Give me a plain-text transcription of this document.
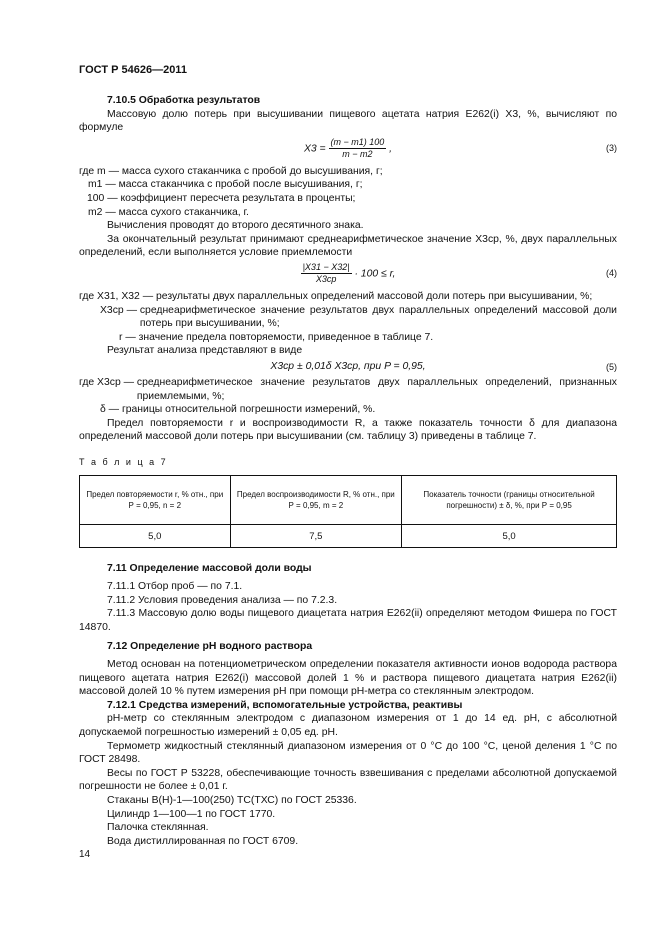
ГОСТ Р 54626—2011

7.10.5 Обработка результатов

Массовую долю потерь при высушивании пищевого ацетата натрия Е262(i) X3, %, вычисляют по формуле

$X3 = \frac{(m - m1) 100}{m - m2}$ ,	(3)
где m —
масса сухого стаканчика с пробой до высушивания, г;
m1 —
масса стаканчика с пробой после высушивания, г;
100 —
коэффициент пересчета результата в проценты;
m2 —
масса сухого стаканчика, г.

Вычисления проводят до второго десятичного знака.

За окончательный результат принимают среднеарифметическое значение X3ср, %, двух параллельных определений, если выполняется условие приемлемости

$\frac{|X31 - X32|}{X3ср} \cdot 100 \le r$,	(4)
где X31, X32 —
результаты двух параллельных определений массовой доли потерь при высушивании, %;
X3ср —
среднеарифметическое значение результатов двух параллельных определений массовой доли потерь при высушивании, %;
r —
значение предела повторяемости, приведенное в таблице 7.

Результат анализа представляют в виде

X3ср ± 0,01δ X3ср, при P = 0,95,	(5)
где X3ср —
среднеарифметическое значение результатов двух параллельных определений, признанных приемлемыми, %;
δ —
границы относительной погрешности измерений, %.

Предел повторяемости r и воспроизводимости R, а также показатель точности δ для диапазона определений массовой доли потерь при высушивании (см. таблицу 3) приведены в таблице 7.

Т а б л и ц а 7
Предел повторяемости r, % отн., при Р = 0,95, n = 2	Предел воспроизводимости R, % отн., при Р = 0,95, m = 2	Показатель точности (границы относительной погрешности) ± δ, %, при Р = 0,95
5,0	7,5	5,0

7.11 Определение массовой доли воды

7.11.1 Отбор проб — по 7.1.

7.11.2 Условия проведения анализа — по 7.2.3.

7.11.3 Массовую долю воды пищевого диацетата натрия Е262(ii) определяют методом Фишера по ГОСТ 14870.

7.12 Определение рН водного раствора

Метод основан на потенциометрическом определении показателя активности ионов водорода раствора пищевого ацетата натрия Е262(i) массовой долей 1 % и раствора пищевого диацетата натрия Е262(ii) массовой долей 10 % путем измерения рН при помощи рН-метра со стеклянным электродом.

7.12.1 Средства измерений, вспомогательные устройства, реактивы

рН-метр со стеклянным электродом с диапазоном измерения от 1 до 14 ед. рН, с абсолютной допускаемой погрешностью измерений ± 0,05 ед. рН.

Термометр жидкостный стеклянный диапазоном измерения от 0 °С до 100 °С, ценой деления 1 °С по ГОСТ 28498.

Весы по ГОСТ Р 53228, обеспечивающие точность взвешивания с пределами абсолютной допускаемой погрешности не более ± 0,01 г.

Стаканы В(Н)-1—100(250) ТС(ТХС) по ГОСТ 25336.

Цилиндр 1—100—1 по ГОСТ 1770.

Палочка стеклянная.

Вода дистиллированная по ГОСТ 6709.

14
